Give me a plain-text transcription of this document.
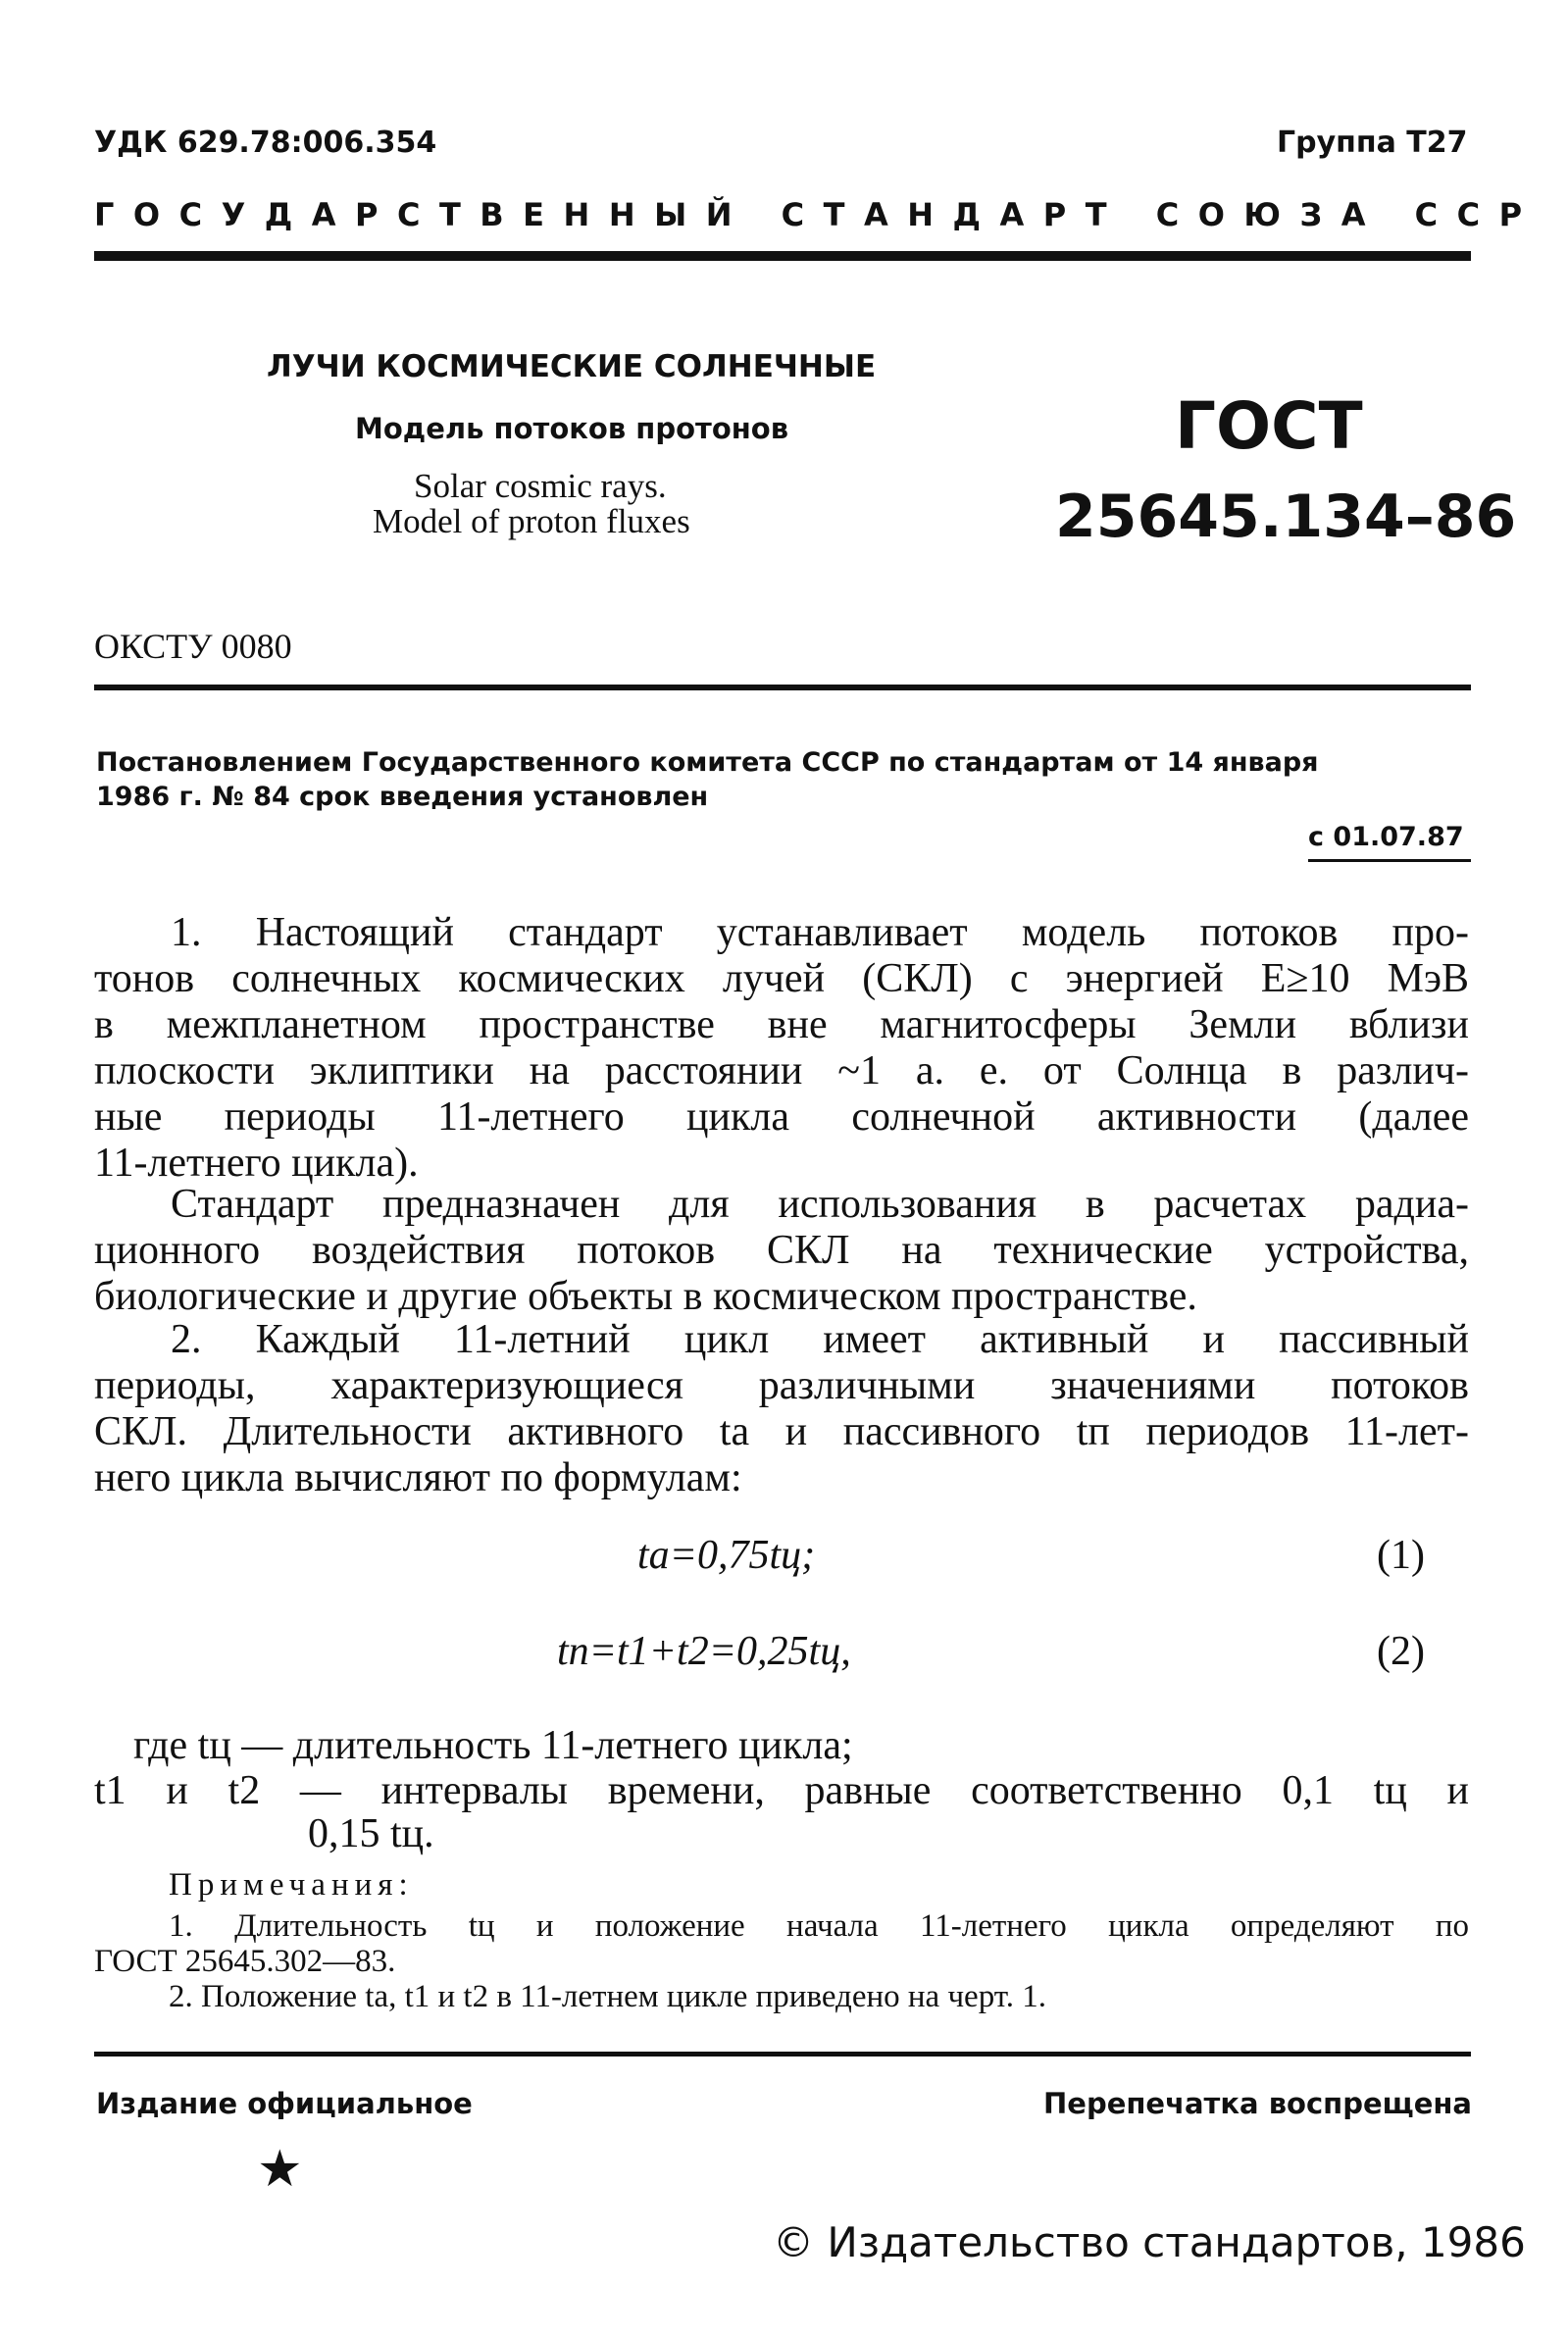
УДК 629.78:006.354	Группа Т27
ГОСУДАРСТВЕННЫЙ СТАНДАРТ СОЮЗА ССР
ЛУЧИ КОСМИЧЕСКИЕ СОЛНЕЧНЫЕ
Модель потоков протонов
Solar cosmic rays.
Model of proton fluxes
ГОСТ
25645.134–86
ОКСТУ 0080
Постановлением Государственного комитета СССР по стандартам от 14 января
1986 г. № 84 срок введения установлен
с 01.07.87
1. Настоящий стандарт устанавливает модель потоков про-
тонов солнечных космических лучей (СКЛ) с энергией E≥10 МэВ
в межпланетном пространстве вне магнитосферы Земли вблизи
плоскости эклиптики на расстоянии ~1 а. е. от Солнца в различ-
ные периоды 11-летнего цикла солнечной активности (далее
11-летнего цикла).
Стандарт предназначен для использования в расчетах радиа-
ционного воздействия потоков СКЛ на технические устройства,
биологические и другие объекты в космическом пространстве.
2. Каждый 11-летний цикл имеет активный и пассивный
периоды, характеризующиеся различными значениями потоков
СКЛ. Длительности активного tа и пассивного tп периодов 11-лет-
него цикла вычисляют по формулам:
tа=0,75tц;	(1)
tп=t1+t2=0,25tц,	(2)
где tц — длительность 11-летнего цикла;
t1 и t2 — интервалы времени, равные соответственно 0,1 tц и
0,15 tц.
Примечания:
1. Длительность tц и положение начала 11-летнего цикла определяют по
ГОСТ 25645.302—83.
2. Положение tа, t1 и t2 в 11-летнем цикле приведено на черт. 1.
Издание официальное	Перепечатка воспрещена
★
© Издательство стандартов, 1986
